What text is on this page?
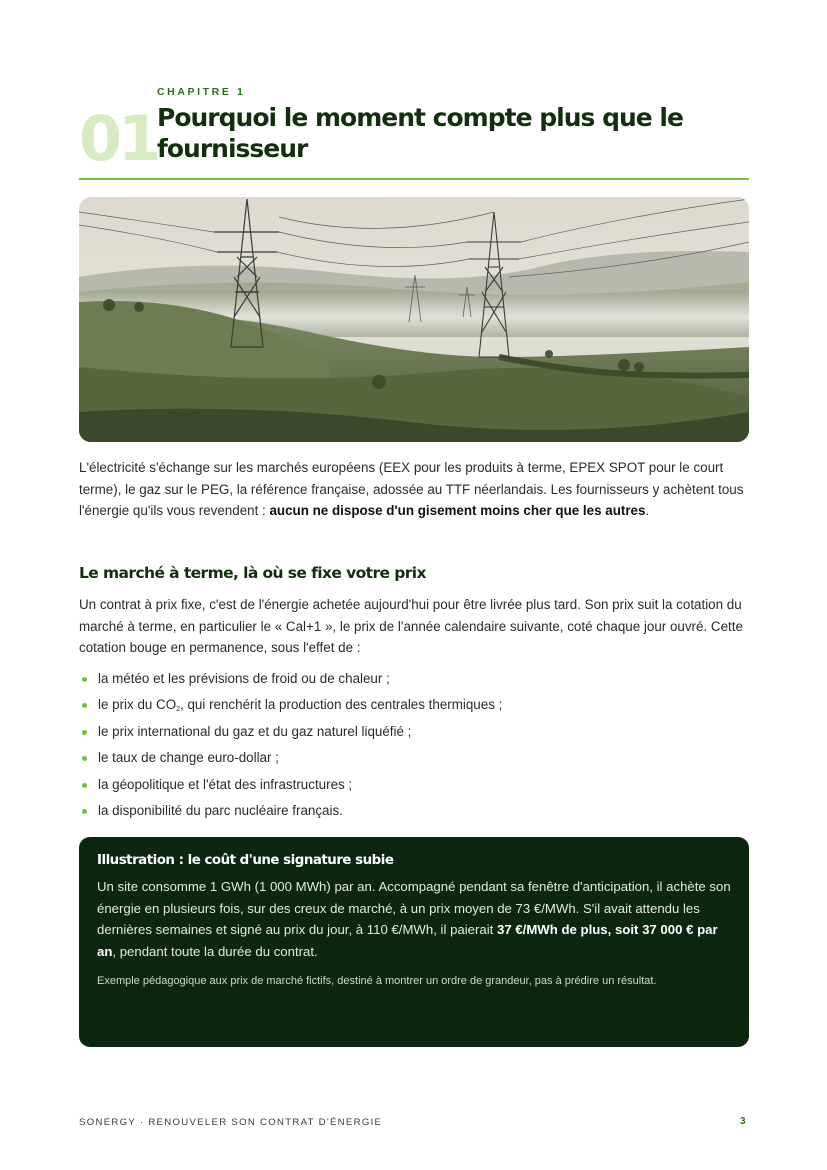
01
CHAPITRE 1
Pourquoi le moment compte plus que le fournisseur

L'électricité s'échange sur les marchés européens (EEX pour les produits à terme, EPEX SPOT pour le court terme), le gaz sur le PEG, la référence française, adossée au TTF néerlandais. Les fournisseurs y achètent tous l'énergie qu'ils vous revendent : aucun ne dispose d'un gisement moins cher que les autres.

Le marché à terme, là où se fixe votre prix

Un contrat à prix fixe, c'est de l'énergie achetée aujourd'hui pour être livrée plus tard. Son prix suit la cotation du marché à terme, en particulier le « Cal+1 », le prix de l'année calendaire suivante, coté chaque jour ouvré. Cette cotation bouge en permanence, sous l'effet de :

la météo et les prévisions de froid ou de chaleur ;
le prix du $CO_2$, qui renchérit la production des centrales thermiques ;
le prix international du gaz et du gaz naturel liquéfié ;
le taux de change euro-dollar ;
la géopolitique et l'état des infrastructures ;
la disponibilité du parc nucléaire français.
Illustration : le coût d'une signature subie

Un site consomme 1 GWh (1 000 MWh) par an. Accompagné pendant sa fenêtre d'anticipation, il achète son énergie en plusieurs fois, sur des creux de marché, à un prix moyen de 73 €/MWh. S'il avait attendu les dernières semaines et signé au prix du jour, à 110 €/MWh, il paierait 37 €/MWh de plus, soit 37 000 € par an, pendant toute la durée du contrat.

Exemple pédagogique aux prix de marché fictifs, destiné à montrer un ordre de grandeur, pas à prédire un résultat.

SONERGY · RENOUVELER SON CONTRAT D'ÉNERGIE	3
